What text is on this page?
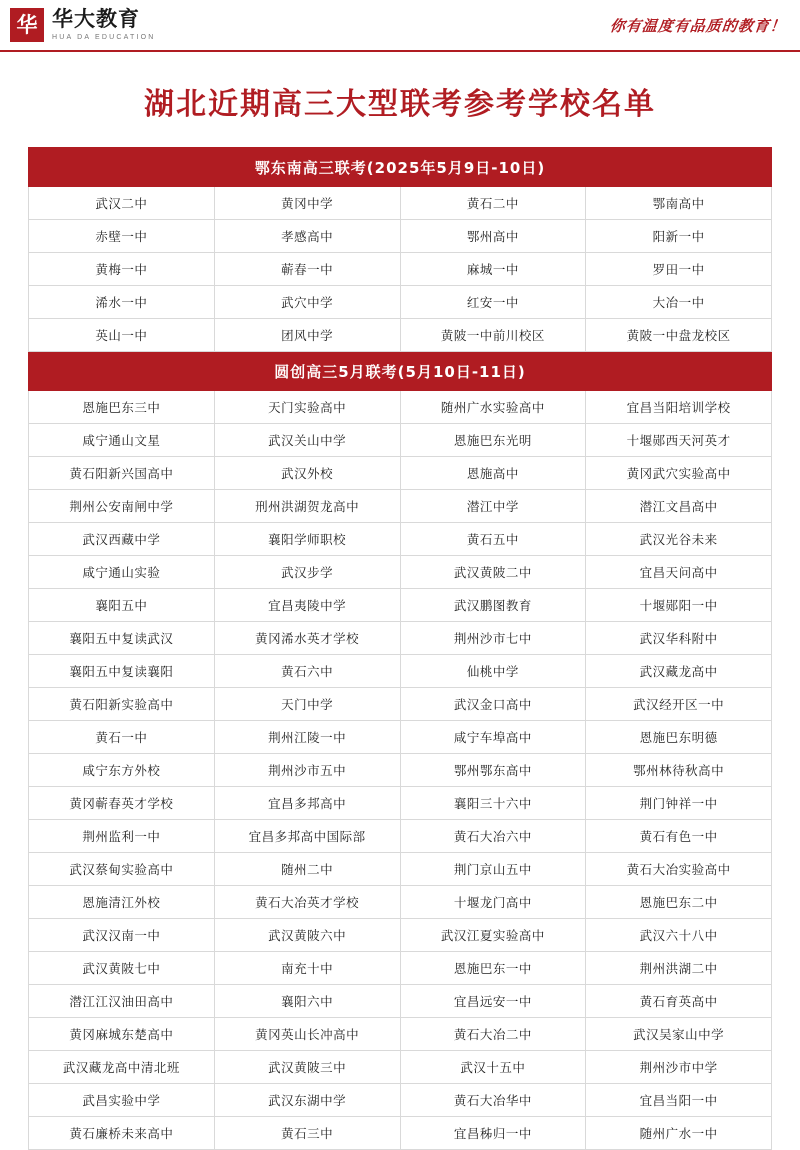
华 华大教育
HUA DA EDUCATION
你有温度有品质的教育！
湖北近期高三大型联考参考学校名单
鄂东南高三联考(2025年5月9日-10日)			
武汉二中	黄冈中学	黄石二中	鄂南高中
赤壁一中	孝感高中	鄂州高中	阳新一中
黄梅一中	蕲春一中	麻城一中	罗田一中
浠水一中	武穴中学	红安一中	大冶一中
英山一中	团风中学	黄陂一中前川校区	黄陂一中盘龙校区
圆创高三5月联考(5月10日-11日)			
恩施巴东三中	天门实验高中	随州广水实验高中	宜昌当阳培训学校
咸宁通山文星	武汉关山中学	恩施巴东光明	十堰郧西天河英才
黄石阳新兴国高中	武汉外校	恩施高中	黄冈武穴实验高中
荆州公安南闸中学	刑州洪湖贺龙高中	潜江中学	潜江文昌高中
武汉西藏中学	襄阳学师职校	黄石五中	武汉光谷未来
咸宁通山实验	武汉步学	武汉黄陂二中	宜昌天问高中
襄阳五中	宜昌夷陵中学	武汉鹏图教育	十堰郧阳一中
襄阳五中复读武汉	黄冈浠水英才学校	荆州沙市七中	武汉华科附中
襄阳五中复读襄阳	黄石六中	仙桃中学	武汉藏龙高中
黄石阳新实验高中	天门中学	武汉金口高中	武汉经开区一中
黄石一中	荆州江陵一中	咸宁车埠高中	恩施巴东明德
咸宁东方外校	荆州沙市五中	鄂州鄂东高中	鄂州林待秋高中
黄冈蕲春英才学校	宜昌多邦高中	襄阳三十六中	荆门钟祥一中
荆州监利一中	宜昌多邦高中国际部	黄石大冶六中	黄石有色一中
武汉蔡甸实验高中	随州二中	荆门京山五中	黄石大冶实验高中
恩施清江外校	黄石大冶英才学校	十堰龙门高中	恩施巴东二中
武汉汉南一中	武汉黄陂六中	武汉江夏实验高中	武汉六十八中
武汉黄陂七中	南充十中	恩施巴东一中	荆州洪湖二中
潜江江汉油田高中	襄阳六中	宜昌远安一中	黄石育英高中
黄冈麻城东楚高中	黄冈英山长冲高中	黄石大冶二中	武汉吴家山中学
武汉藏龙高中清北班	武汉黄陂三中	武汉十五中	荆州沙市中学
武昌实验中学	武汉东湖中学	黄石大冶华中	宜昌当阳一中
黄石廉桥未来高中	黄石三中	宜昌秭归一中	随州广水一中
